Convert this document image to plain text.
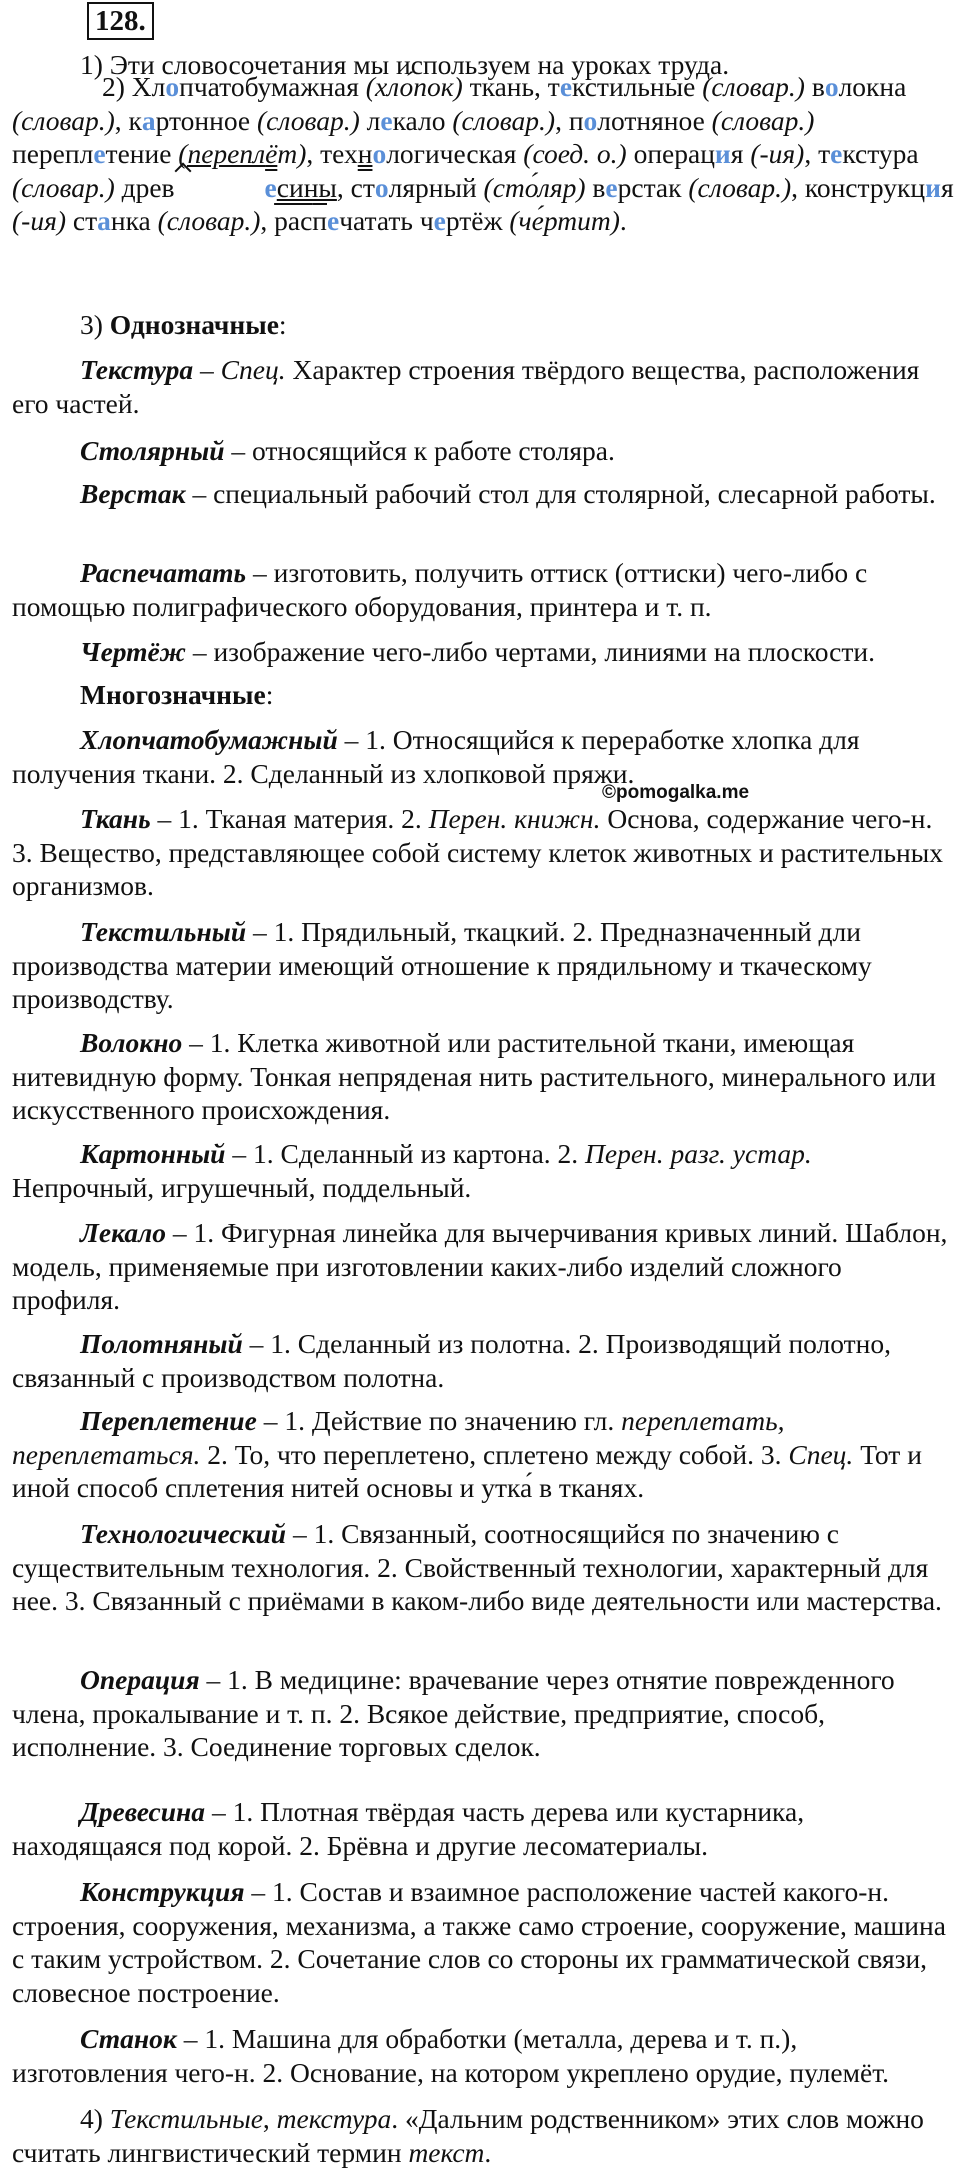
128.

1) Эти словосочетания мы используем на уроках труда.

2) Хлопчатобумажная (хло́пок) ткань, текстильные (словар.) волокна (словар.), картонное (словар.) лекало (словар.), полотняное (словар.) переплетение (переплёт), технологическая (соед. о.) операция (-ия), текстура (словар.) древ	есины, столярный (сто́ляр) верстак (словар.), конструкция (-ия) станка (словар.), распечатать чертёж (че́ртит).

3) Однозначные:

Текстура – Спец. Характер строения твёрдого вещества, расположения его частей.

Столярный – относящийся к работе столяра.

Верстак – специальный рабочий стол для столярной, слесарной работы.

Распечатать – изготовить, получить оттиск (оттиски) чего-либо с помощью полиграфического оборудования, принтера и т. п.

Чертёж – изображение чего-либо чертами, линиями на плоскости.

Многозначные:

Хлопчатобумажный – 1. Относящийся к переработке хлопка для получения ткани. 2. Сделанный из хлопковой пряжи.

©pomogalka.me

Ткань – 1. Тканая материя. 2. Перен. книжн. Основа, содержание чего-н. 3. Вещество, представляющее собой систему клеток животных и растительных организмов.

Текстильный – 1. Прядильный, ткацкий. 2. Предназначенный дли производства материи имеющий отношение к прядильному и ткаческому производству.

Волокно – 1. Клетка животной или растительной ткани, имеющая нитевидную форму. Тонкая непряденая нить растительного, минерального или искусственного происхождения.

Картонный – 1. Сделанный из картона. 2. Перен. разг. устар. Непрочный, игрушечный, поддельный.

Лекало – 1. Фигурная линейка для вычерчивания кривых линий. Шаблон, модель, применяемые при изготовлении каких-либо изделий сложного профиля.

Полотняный – 1. Сделанный из полотна. 2. Производящий полотно, связанный с производством полотна.

Переплетение – 1. Действие по значению гл. переплетать, переплетаться. 2. То, что переплетено, сплетено между собой. 3. Спец. Тот и иной способ сплетения нитей основы и утка́ в тканях.

Технологический – 1. Связанный, соотносящийся по значению с существительным технология. 2. Свойственный технологии, характерный для нее. 3. Связанный с приёмами в каком-либо виде деятельности или мастерства.

Операция – 1. В медицине: врачевание через отнятие поврежденного члена, прокалывание и т. п. 2. Всякое действие, предприятие, способ, исполнение. 3. Соединение торговых сделок.

Древесина – 1. Плотная твёрдая часть дерева или кустарника, находящаяся под корой. 2. Брёвна и другие лесоматериалы.

Конструкция – 1. Состав и взаимное расположение частей какого-н. строения, сооружения, механизма, а также само строение, сооружение, машина с таким устройством. 2. Сочетание слов со стороны их грамматической связи, словесное построение.

Станок – 1. Машина для обработки (металла, дерева и т. п.), изготовления чего-н. 2. Основание, на котором укреплено орудие, пулемёт.

4) Текстильные, текстура. «Дальним родственником» этих слов можно считать лингвистический термин текст.
